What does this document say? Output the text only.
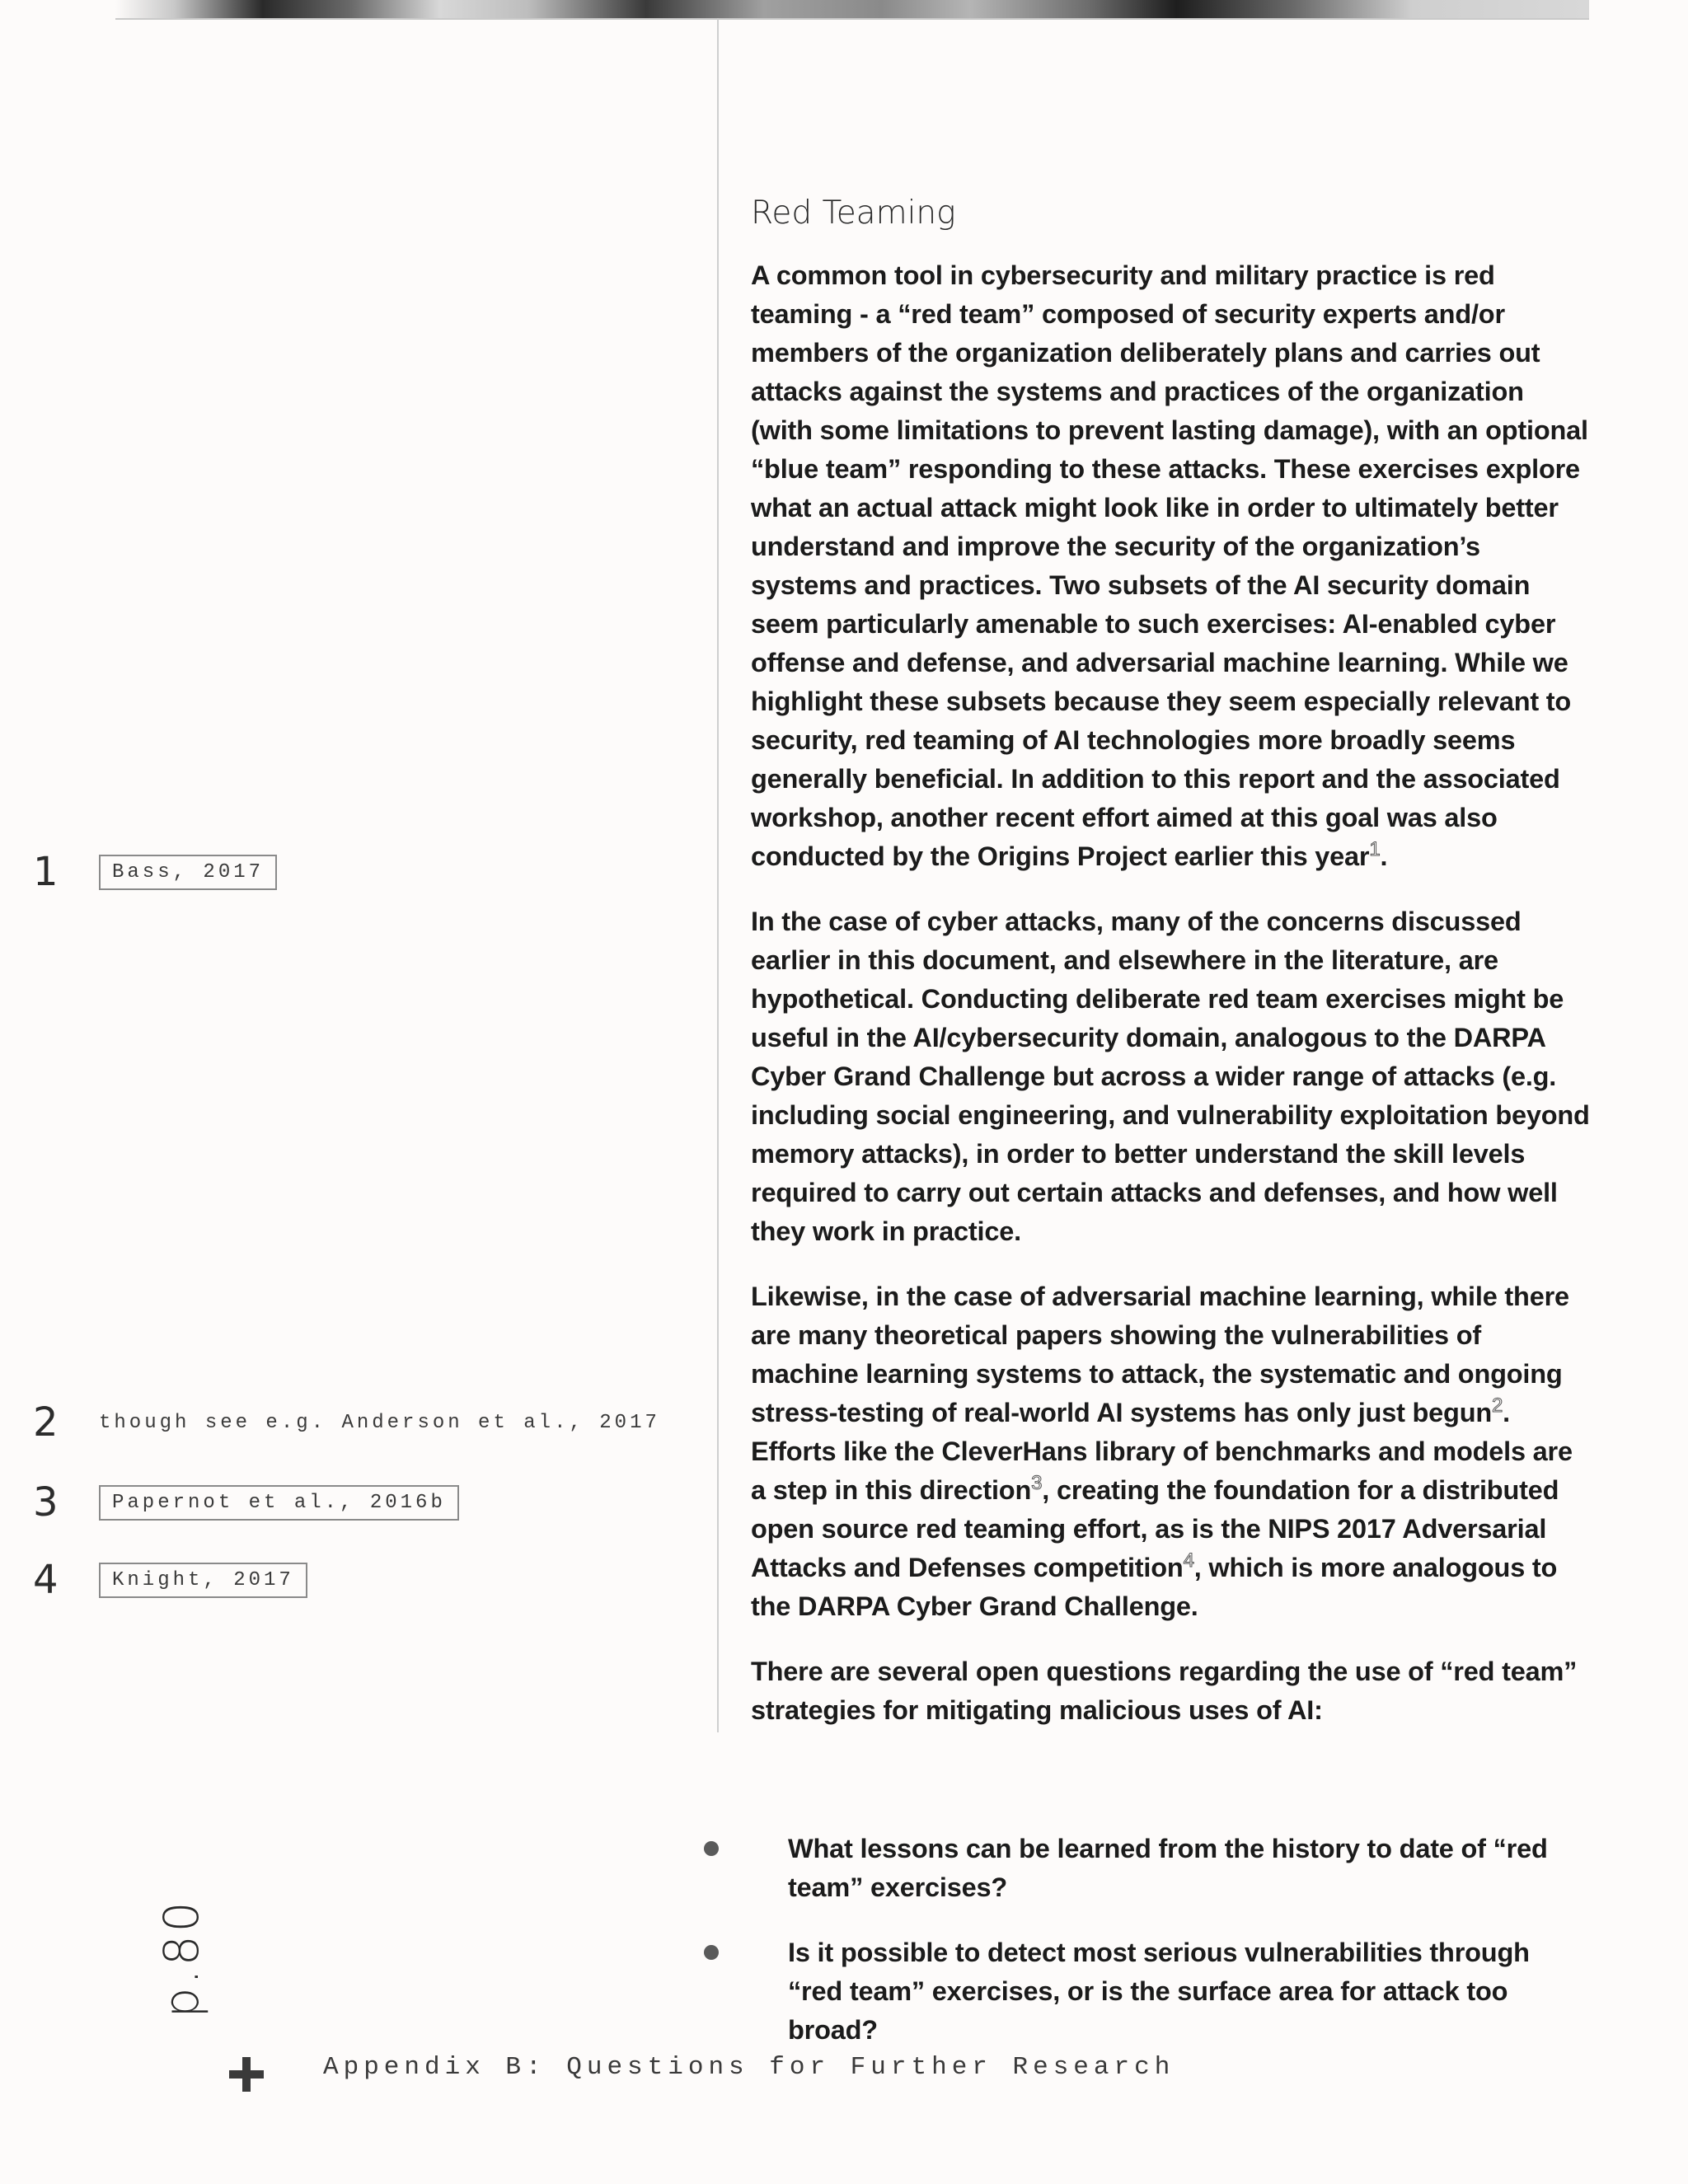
Red Teaming

A common tool in cybersecurity and military practice is red teaming - a “red team” composed of security experts and/or members of the organization deliberately plans and carries out attacks against the systems and practices of the organization (with some limitations to prevent lasting damage), with an optional “blue team” responding to these attacks. These exercises explore what an actual attack might look like in order to ultimately better understand and improve the security of the organization’s systems and practices. Two subsets of the AI security domain seem particularly amenable to such exercises: AI-enabled cyber offense and defense, and adversarial machine learning. While we highlight these subsets because they seem especially relevant to security, red teaming of AI technologies more broadly seems generally beneficial. In addition to this report and the associated workshop, another recent effort aimed at this goal was also conducted by the Origins Project earlier this year$^1$.

In the case of cyber attacks, many of the concerns discussed earlier in this document, and elsewhere in the literature, are hypothetical. Conducting deliberate red team exercises might be useful in the AI/cybersecurity domain, analogous to the DARPA Cyber Grand Challenge but across a wider range of attacks (e.g. including social engineering, and vulnerability exploitation beyond memory attacks), in order to better understand the skill levels required to carry out certain attacks and defenses, and how well they work in practice.

Likewise, in the case of adversarial machine learning, while there are many theoretical papers showing the vulnerabilities of machine learning systems to attack, the systematic and ongoing stress-testing of real-world AI systems has only just begun$^2$. Efforts like the CleverHans library of benchmarks and models are a step in this direction$^3$, creating the foundation for a distributed open source red teaming effort, as is the NIPS 2017 Adversarial Attacks and Defenses competition$^4$, which is more analogous to the DARPA Cyber Grand Challenge.

There are several open questions regarding the use of “red team” strategies for mitigating malicious uses of AI:

What lessons can be learned from the history to date of “red team” exercises?
Is it possible to detect most serious vulnerabilities through “red team” exercises, or is the surface area for attack too broad?
1	Bass, 2017
2	though see e.g. Anderson et al., 2017
3	Papernot et al., 2016b
4	Knight, 2017
p.80
Appendix B: Questions for Further Research
